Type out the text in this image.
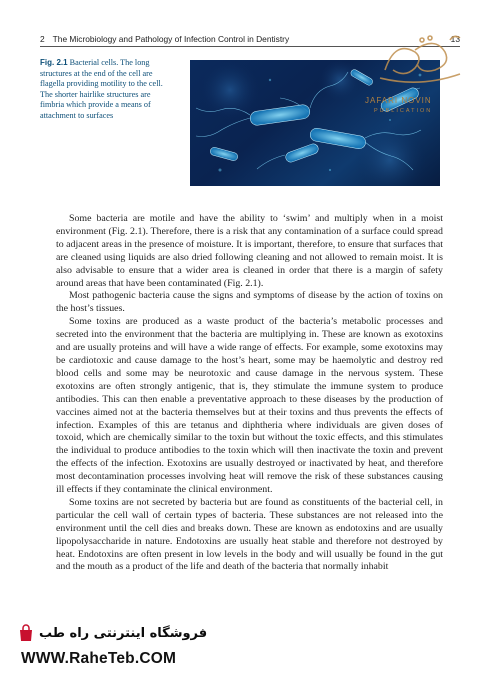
2 The Microbiology and Pathology of Infection Control in Dentistry	13
Fig. 2.1 Bacterial cells. The long structures at the end of the cell are flagella providing motility to the cell. The shorter hairlike structures are fimbria which provide a means of attachment to surfaces
JAFARI NOVIN
PUBLICATION

Some bacteria are motile and have the ability to ‘swim’ and multiply when in a moist environment (Fig. 2.1). Therefore, there is a risk that any contamination of a surface could spread to adjacent areas in the presence of moisture. It is important, therefore, to ensure that surfaces that are cleaned using liquids are also dried following cleaning and not allowed to remain moist. It is also advisable to ensure that a wider area is cleaned in order that there is a margin of safety around areas that have been contaminated (Fig. 2.1).

Most pathogenic bacteria cause the signs and symptoms of disease by the action of toxins on the host’s tissues.

Some toxins are produced as a waste product of the bacteria’s metabolic processes and secreted into the environment that the bacteria are multiplying in. These are known as exotoxins and are usually proteins and will have a wide range of effects. For example, some exotoxins may be cardiotoxic and cause damage to the host’s heart, some may be haemolytic and destroy red blood cells and some may be neurotoxic and cause damage in the nervous system. These exotoxins are often strongly antigenic, that is, they stimulate the immune system to produce antibodies. This can then enable a preventative approach to these diseases by the production of vaccines aimed not at the bacteria themselves but at their toxins and thus prevents the effects of infection. Examples of this are tetanus and diphtheria where individuals are given doses of toxoid, which are chemically similar to the toxin but without the toxic effects, and this stimulates the individual to produce antibodies to the toxin which will then inactivate the toxin and prevent the effects of the infection. Exotoxins are usually destroyed or inactivated by heat, and therefore most decontamination processes involving heat will remove the risk of these substances causing ill effects if they contaminate the clinical environment.

Some toxins are not secreted by bacteria but are found as constituents of the bacterial cell, in particular the cell wall of certain types of bacteria. These substances are not released into the environment until the cell dies and breaks down. These are known as endotoxins and are usually lipopolysaccharide in nature. Endotoxins are usually heat stable and therefore not destroyed by heat. Endotoxins are often present in low levels in the body and will usually be found in the gut and the mouth as a product of the life and death of the bacteria that normally inhabit

فروشگاه اینترنتی راه طب
WWW.RaheTeb.COM
